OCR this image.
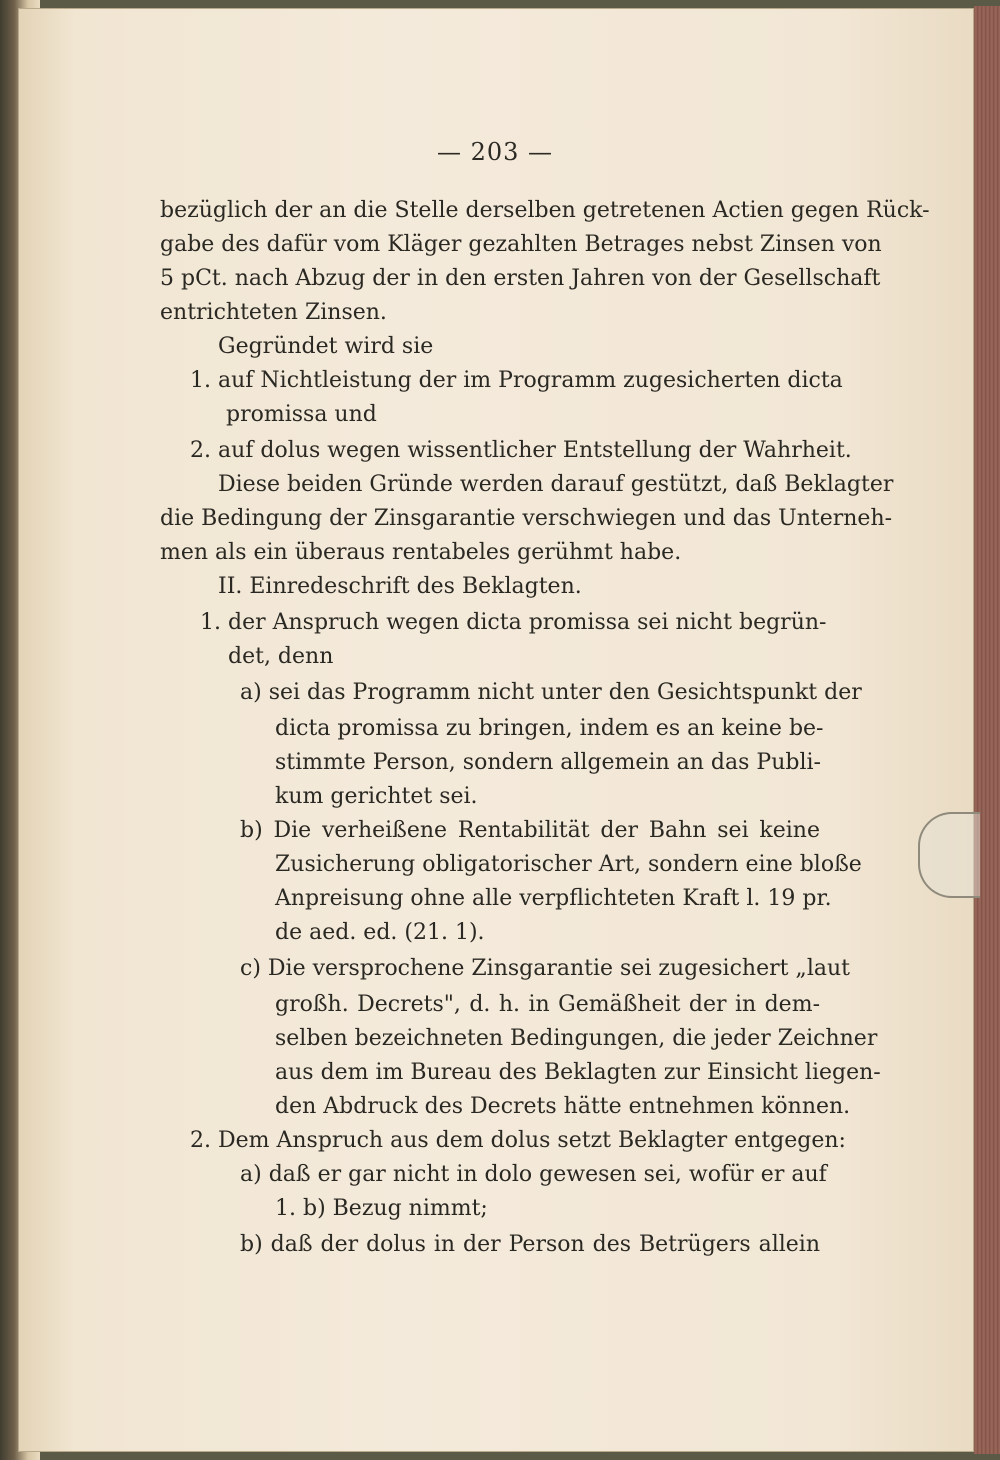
— 203 —

bezüglich der an die Stelle derselben getretenen Actien gegen Rück-

gabe des dafür vom Kläger gezahlten Betrages nebst Zinsen von

5 pCt. nach Abzug der in den ersten Jahren von der Gesellschaft

entrichteten Zinsen.

Gegründet wird sie

1. auf Nichtleistung der im Programm zugesicherten dicta

promissa und

2. auf dolus wegen wissentlicher Entstellung der Wahrheit.

Diese beiden Gründe werden darauf gestützt, daß Beklagter

die Bedingung der Zinsgarantie verschwiegen und das Unterneh-

men als ein überaus rentabeles gerühmt habe.

II. Einredeschrift des Beklagten.

1. der Anspruch wegen dicta promissa sei nicht begrün-

det, denn

a) sei das Programm nicht unter den Gesichtspunkt der

dicta promissa zu bringen, indem es an keine be-

stimmte Person, sondern allgemein an das Publi-

kum gerichtet sei.

b) Die verheißene Rentabilität der Bahn sei keine

Zusicherung obligatorischer Art, sondern eine bloße

Anpreisung ohne alle verpflichteten Kraft l. 19 pr.

de aed. ed. (21. 1).

c) Die versprochene Zinsgarantie sei zugesichert „laut

großh. Decrets", d. h. in Gemäßheit der in dem-

selben bezeichneten Bedingungen, die jeder Zeichner

aus dem im Bureau des Beklagten zur Einsicht liegen-

den Abdruck des Decrets hätte entnehmen können.

2. Dem Anspruch aus dem dolus setzt Beklagter entgegen:

a) daß er gar nicht in dolo gewesen sei, wofür er auf

1. b) Bezug nimmt;

b) daß der dolus in der Person des Betrügers allein
